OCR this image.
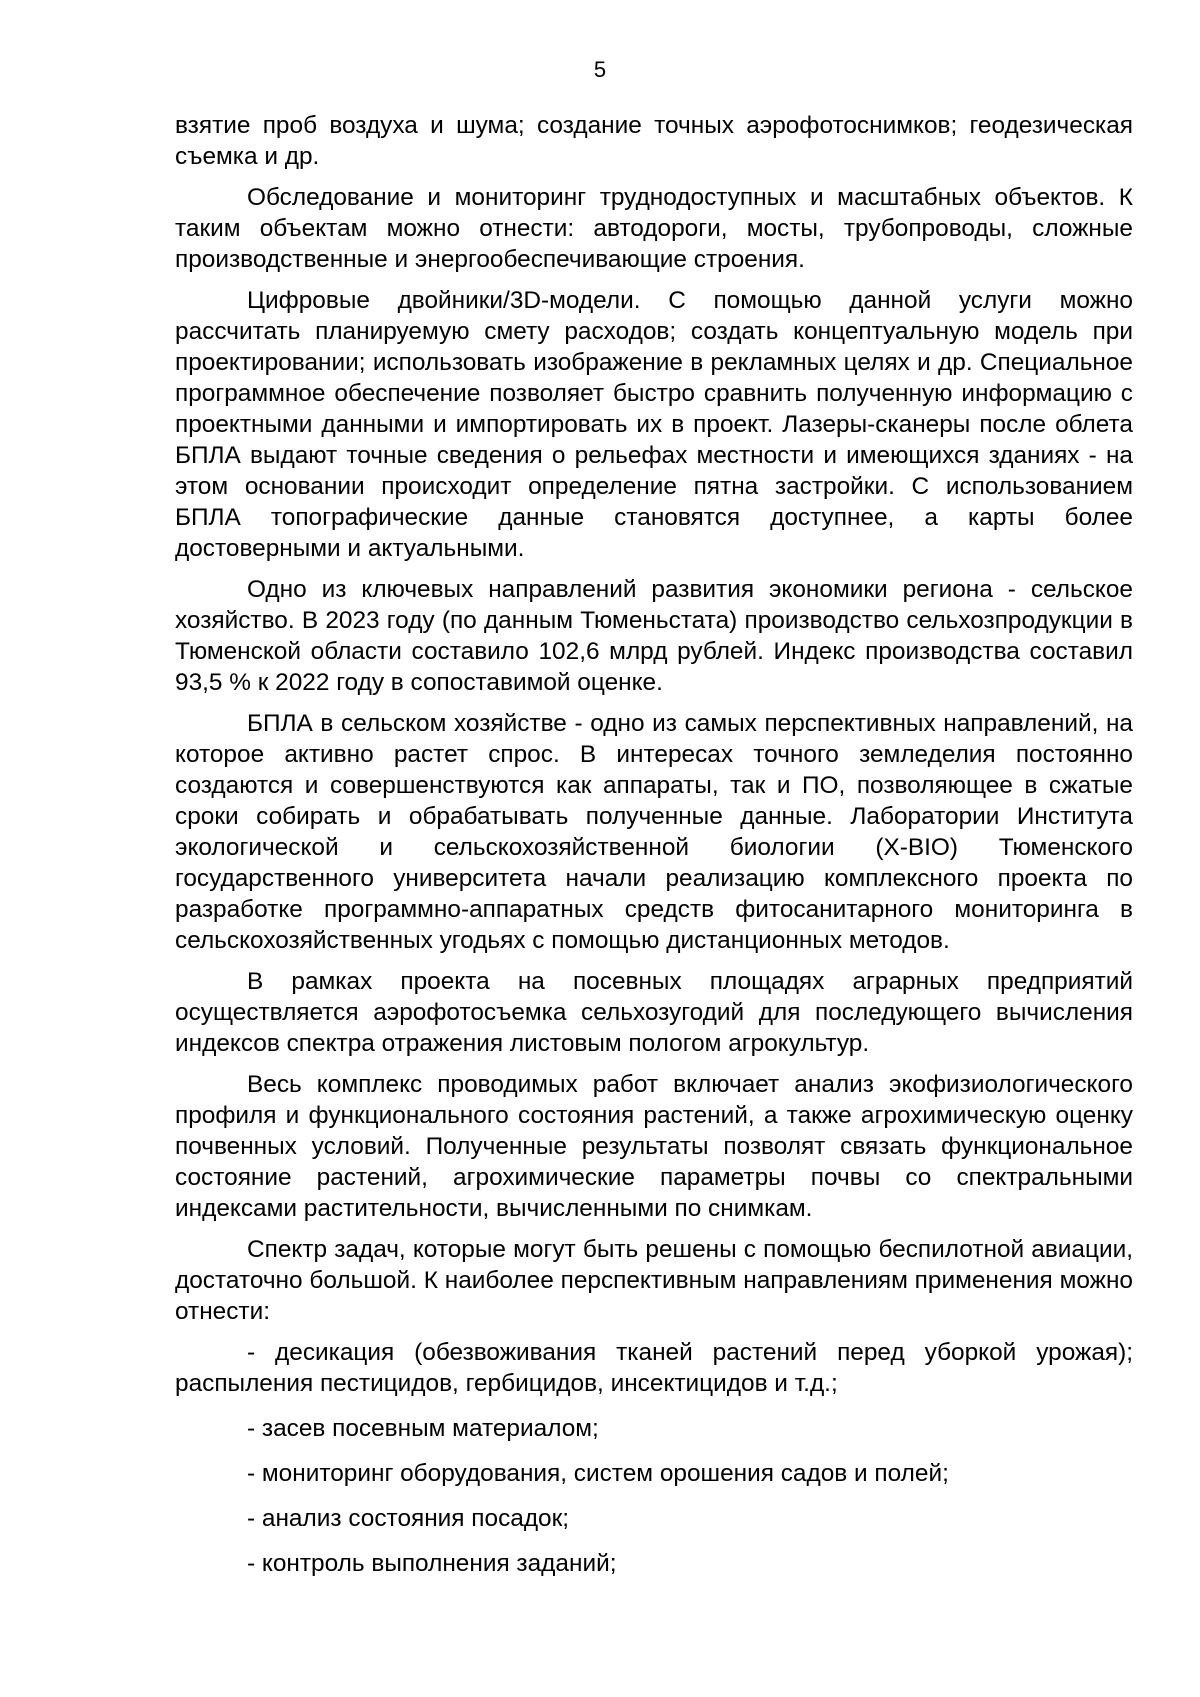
5

взятие проб воздуха и шума; создание точных аэрофотоснимков; геодезическая съемка и др.

Обследование и мониторинг труднодоступных и масштабных объектов. К таким объектам можно отнести: автодороги, мосты, трубопроводы, сложные производственные и энергообеспечивающие строения.

Цифровые двойники/3D-модели. С помощью данной услуги можно рассчитать планируемую смету расходов; создать концептуальную модель при проектировании; использовать изображение в рекламных целях и др. Специальное программное обеспечение позволяет быстро сравнить полученную информацию с проектными данными и импортировать их в проект. Лазеры-сканеры после облета БПЛА выдают точные сведения о рельефах местности и имеющихся зданиях - на этом основании происходит определение пятна застройки. С использованием БПЛА топографические данные становятся доступнее, а карты более достоверными и актуальными.

Одно из ключевых направлений развития экономики региона - сельское хозяйство. В 2023 году (по данным Тюменьстата) производство сельхозпродукции в Тюменской области составило 102,6 млрд рублей. Индекс производства составил 93,5 % к 2022 году в сопоставимой оценке.

БПЛА в сельском хозяйстве - одно из самых перспективных направлений, на которое активно растет спрос. В интересах точного земледелия постоянно создаются и совершенствуются как аппараты, так и ПО, позволяющее в сжатые сроки собирать и обрабатывать полученные данные. Лаборатории Института экологической и сельскохозяйственной биологии (X-BIO) Тюменского государственного университета начали реализацию комплексного проекта по разработке программно-аппаратных средств фитосанитарного мониторинга в сельскохозяйственных угодьях с помощью дистанционных методов.

В рамках проекта на посевных площадях аграрных предприятий осуществляется аэрофотосъемка сельхозугодий для последующего вычисления индексов спектра отражения листовым пологом агрокультур.

Весь комплекс проводимых работ включает анализ экофизиологического профиля и функционального состояния растений, а также агрохимическую оценку почвенных условий. Полученные результаты позволят связать функциональное состояние растений, агрохимические параметры почвы со спектральными индексами растительности, вычисленными по снимкам.

Спектр задач, которые могут быть решены с помощью беспилотной авиации, достаточно большой. К наиболее перспективным направлениям применения можно отнести:

- десикация (обезвоживания тканей растений перед уборкой урожая); распыления пестицидов, гербицидов, инсектицидов и т.д.;

- засев посевным материалом;

- мониторинг оборудования, систем орошения садов и полей;

- анализ состояния посадок;

- контроль выполнения заданий;
